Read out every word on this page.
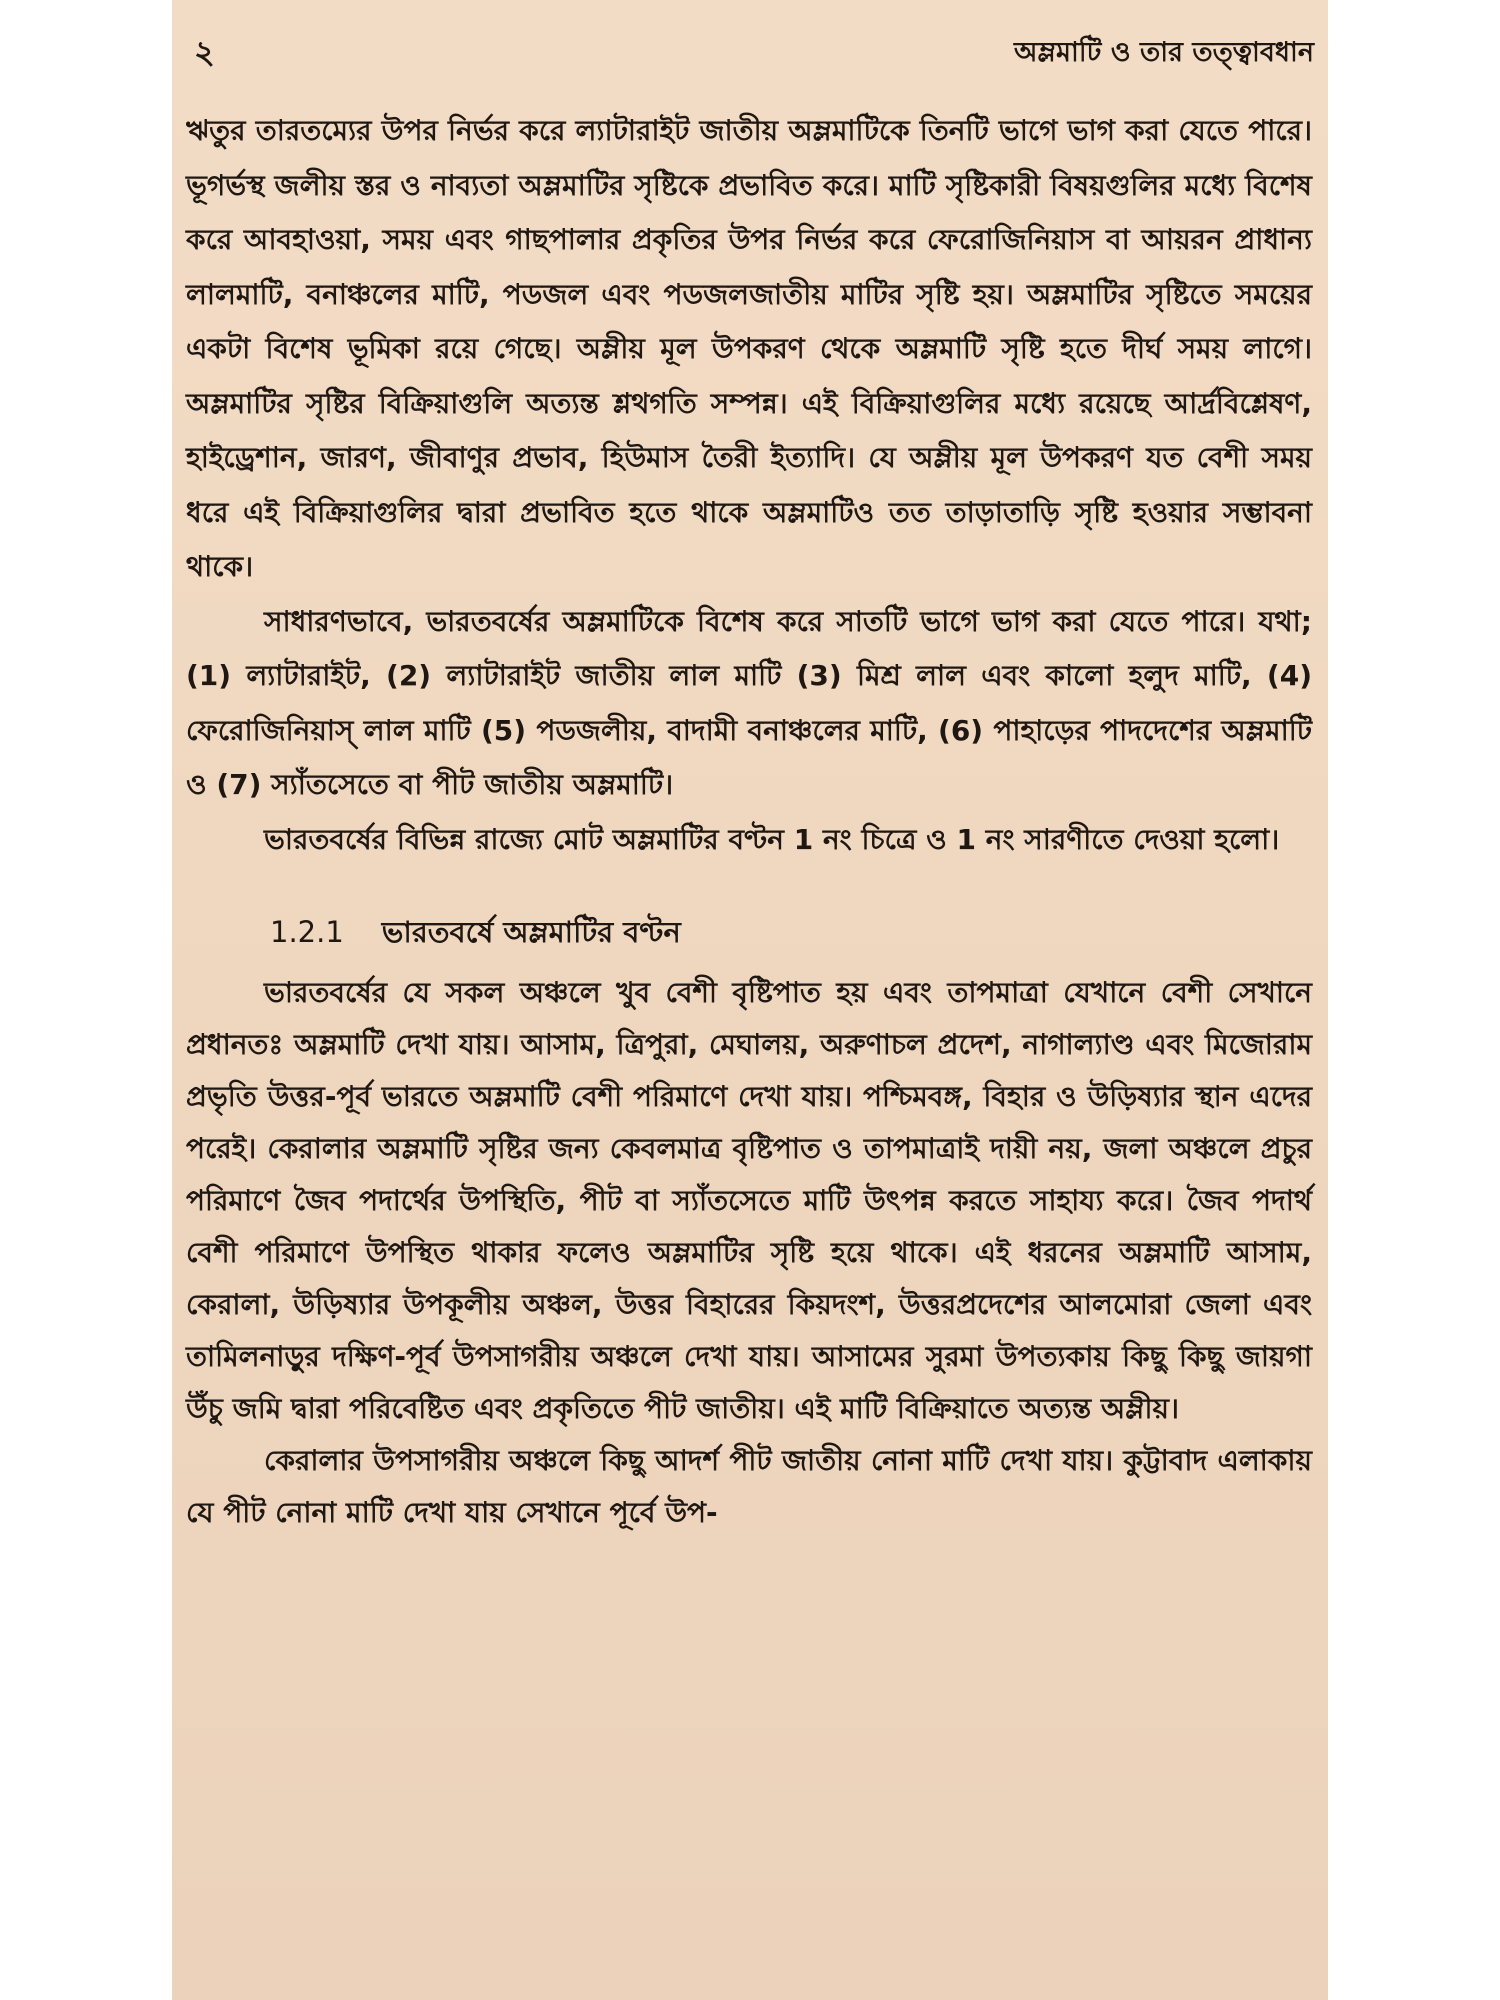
২	অম্লমাটি ও তার তত্ত্বাবধান

ঋতুর তারতম্যের উপর নির্ভর করে ল্যাটারাইট জাতীয় অম্লমাটিকে তিনটি ভাগে ভাগ করা যেতে পারে। ভূগর্ভস্থ জলীয় স্তর ও নাব্যতা অম্লমাটির সৃষ্টিকে প্রভাবিত করে। মাটি সৃষ্টিকারী বিষয়গুলির মধ্যে বিশেষ করে আবহাওয়া, সময় এবং গাছপালার প্রকৃতির উপর নির্ভর করে ফেরোজিনিয়াস বা আয়রন প্রাধান্য লালমাটি, বনাঞ্চলের মাটি, পডজল এবং পডজলজাতীয় মাটির সৃষ্টি হয়। অম্লমাটির সৃষ্টিতে সময়ের একটা বিশেষ ভূমিকা রয়ে গেছে। অম্লীয় মূল উপকরণ থেকে অম্লমাটি সৃষ্টি হতে দীর্ঘ সময় লাগে। অম্লমাটির সৃষ্টির বিক্রিয়াগুলি অত্যন্ত শ্লথগতি সম্পন্ন। এই বিক্রিয়াগুলির মধ্যে রয়েছে আর্দ্রবিশ্লেষণ, হাইড্রেশান, জারণ, জীবাণুর প্রভাব, হিউমাস তৈরী ইত্যাদি। যে অম্লীয় মূল উপকরণ যত বেশী সময় ধরে এই বিক্রিয়াগুলির দ্বারা প্রভাবিত হতে থাকে অম্লমাটিও তত তাড়াতাড়ি সৃষ্টি হওয়ার সম্ভাবনা থাকে।

সাধারণভাবে, ভারতবর্ষের অম্লমাটিকে বিশেষ করে সাতটি ভাগে ভাগ করা যেতে পারে। যথা; (1) ল্যাটারাইট, (2) ল্যাটারাইট জাতীয় লাল মাটি (3) মিশ্র লাল এবং কালো হলুদ মাটি, (4) ফেরোজিনিয়াস্ লাল মাটি (5) পডজলীয়, বাদামী বনাঞ্চলের মাটি, (6) পাহাড়ের পাদদেশের অম্লমাটি ও (7) স্যাঁতসেতে বা পীট জাতীয় অম্লমাটি।

ভারতবর্ষের বিভিন্ন রাজ্যে মোট অম্লমাটির বণ্টন 1 নং চিত্রে ও 1 নং সারণীতে দেওয়া হলো।

1.2.1 ভারতবর্ষে অম্লমাটির বণ্টন

ভারতবর্ষের যে সকল অঞ্চলে খুব বেশী বৃষ্টিপাত হয় এবং তাপমাত্রা যেখানে বেশী সেখানে প্রধানতঃ অম্লমাটি দেখা যায়। আসাম, ত্রিপুরা, মেঘালয়, অরুণাচল প্রদেশ, নাগাল্যাণ্ড এবং মিজোরাম প্রভৃতি উত্তর-পূর্ব ভারতে অম্লমাটি বেশী পরিমাণে দেখা যায়। পশ্চিমবঙ্গ, বিহার ও উড়িষ্যার স্থান এদের পরেই। কেরালার অম্লমাটি সৃষ্টির জন্য কেবলমাত্র বৃষ্টিপাত ও তাপমাত্রাই দায়ী নয়, জলা অঞ্চলে প্রচুর পরিমাণে জৈব পদার্থের উপস্থিতি, পীট বা স্যাঁতসেতে মাটি উৎপন্ন করতে সাহায্য করে। জৈব পদার্থ বেশী পরিমাণে উপস্থিত থাকার ফলেও অম্লমাটির সৃষ্টি হয়ে থাকে। এই ধরনের অম্লমাটি আসাম, কেরালা, উড়িষ্যার উপকূলীয় অঞ্চল, উত্তর বিহারের কিয়দংশ, উত্তরপ্রদেশের আলমোরা জেলা এবং তামিলনাড়ুর দক্ষিণ-পূর্ব উপসাগরীয় অঞ্চলে দেখা যায়। আসামের সুরমা উপত্যকায় কিছু কিছু জায়গা উঁচু জমি দ্বারা পরিবেষ্টিত এবং প্রকৃতিতে পীট জাতীয়। এই মাটি বিক্রিয়াতে অত্যন্ত অম্লীয়।

কেরালার উপসাগরীয় অঞ্চলে কিছু আদর্শ পীট জাতীয় নোনা মাটি দেখা যায়। কুট্টাবাদ এলাকায় যে পীট নোনা মাটি দেখা যায় সেখানে পূর্বে উপ-
